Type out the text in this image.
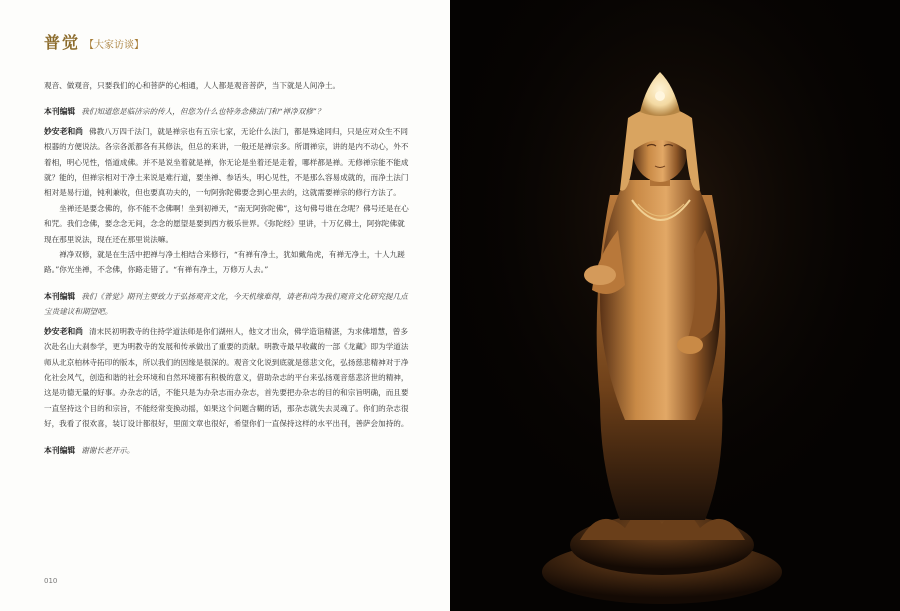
普觉 【大家访谈】

观音、做观音，只要我们的心和菩萨的心相通，人人都是观音菩萨，当下就是人间净土。

本刊编辑 我们知道您是临济宗的传人，但您为什么也特务念佛法门和“禅净双修”？

妙安老和尚 佛教八万四千法门，就是禅宗也有五宗七家，无论什么法门，都是殊途同归，只是应对众生不同根器的方便说法。各宗各派都各有其修法，但总的来讲，一般还是禅宗多。所谓禅宗，讲的是内不动心，外不着相，明心见性，悟道成佛。并不是说坐着就是禅，你无论是坐着还是走着，哪样都是禅。无修禅宗能不能成就？能的，但禅宗相对于净土来说是难行道，要坐禅、参话头，明心见性，不是那么容易成就的，而净土法门相对是易行道，钝利兼收，但也要真功夫的，一句阿弥陀佛要念到心里去的，这就需要禅宗的修行方法了。

坐禅还是要念佛的，你不能不念佛啊！坐到初禅天，“南无阿弥陀佛”，这句佛号谁在念呢？佛号还是在心和咒。我们念佛，要念念无间，念念的愿望是要到西方极乐世界。《弥陀经》里讲，十万亿佛土，阿弥陀佛就现在那里说法，现在还在那里说法嘛。

禅净双修，就是在生活中把禅与净土相结合来修行，“有禅有净土，犹如戴角虎，有禅无净土，十人九蹉路。”你光坐禅，不念佛，你路走错了。“有禅有净土，万修万人去。”

本刊编辑 我们《普觉》期刊主要致力于弘扬观音文化，今天机缘难得，请老和尚为我们观音文化研究提几点宝贵建议和期望吧。

妙安老和尚 清末民初明教寺的住持学道法师是你们湖州人，他文才出众，佛学造诣精湛，为求佛增慧，曾多次赴名山大刹参学，更为明教寺的发展和传承做出了重要的贡献。明教寺最早收藏的一部《龙藏》即为学道法师从北京柏林寺拓印的版本，所以我们的因缘是很深的。观音文化说到底就是慈悲文化，弘扬慈悲精神对于净化社会风气，创造和谐的社会环境和自然环境都有积极的意义，借助杂志的平台来弘扬观音慈悲济世的精神，这是功德无量的好事。办杂志的话，不能只是为办杂志而办杂志，首先要把办杂志的目的和宗旨明确，而且要一直坚持这个目的和宗旨，不能经常变换动摇，如果这个问题含糊的话，那杂志就失去灵魂了。你们的杂志很好，我看了很欢喜，装订设计都很好，里面文章也很好，希望你们一直保持这样的水平出刊，善萨会加持的。

本刊编辑 谢谢长老开示。

010
